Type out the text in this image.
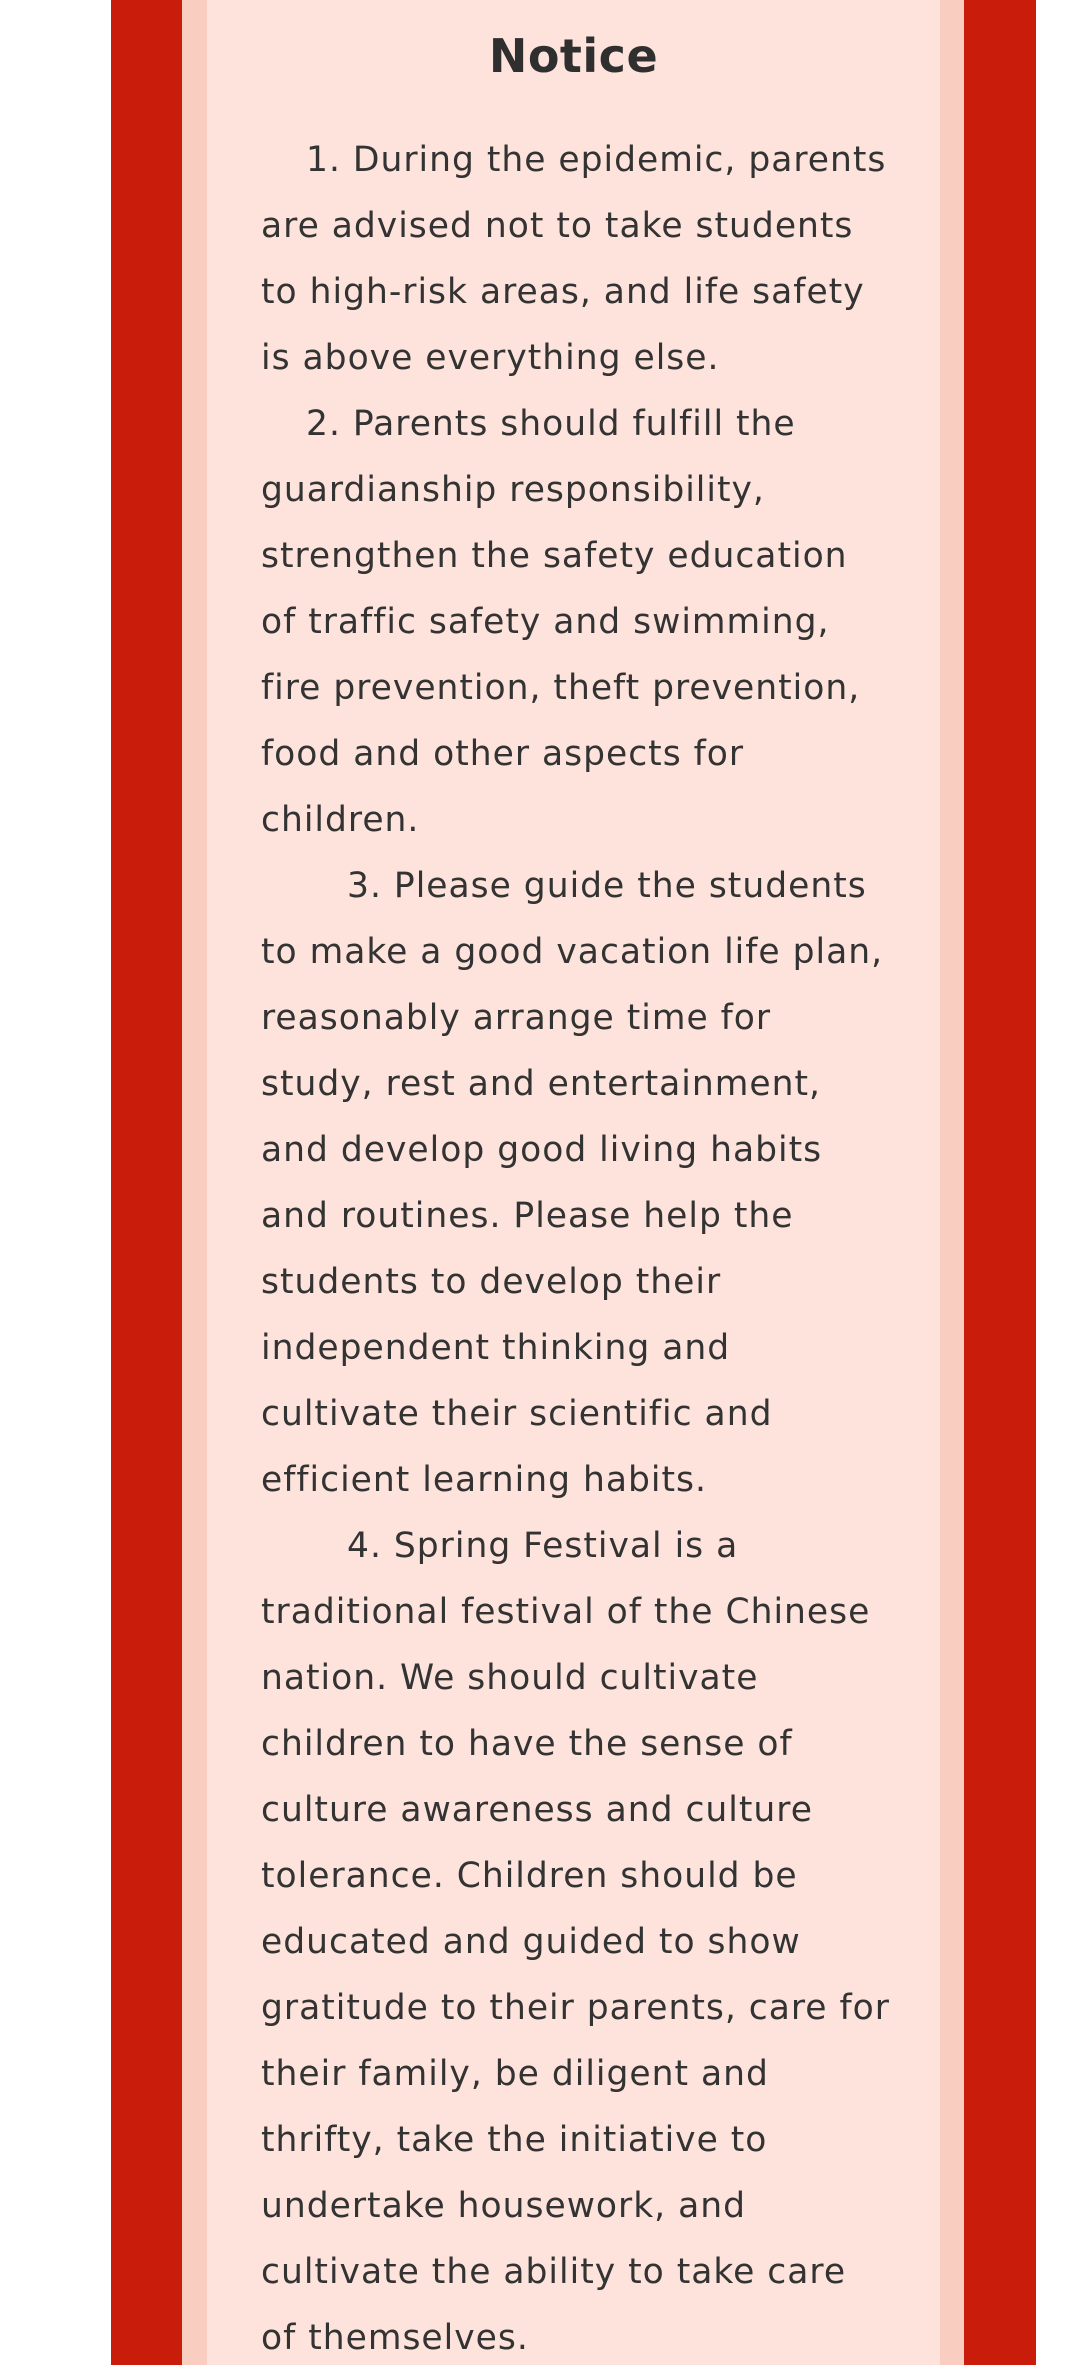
Notice
1. During the epidemic, parents
are advised not to take students
to high-risk areas, and life safety
is above everything else.
2. Parents should fulfill the
guardianship responsibility,
strengthen the safety education
of traffic safety and swimming,
fire prevention, theft prevention,
food and other aspects for
children.
3. Please guide the students
to make a good vacation life plan,
reasonably arrange time for
study, rest and entertainment,
and develop good living habits
and routines. Please help the
students to develop their
independent thinking and
cultivate their scientific and
efficient learning habits.
4. Spring Festival is a
traditional festival of the Chinese
nation. We should cultivate
children to have the sense of
culture awareness and culture
tolerance. Children should be
educated and guided to show
gratitude to their parents, care for
their family, be diligent and
thrifty, take the initiative to
undertake housework, and
cultivate the ability to take care
of themselves.
